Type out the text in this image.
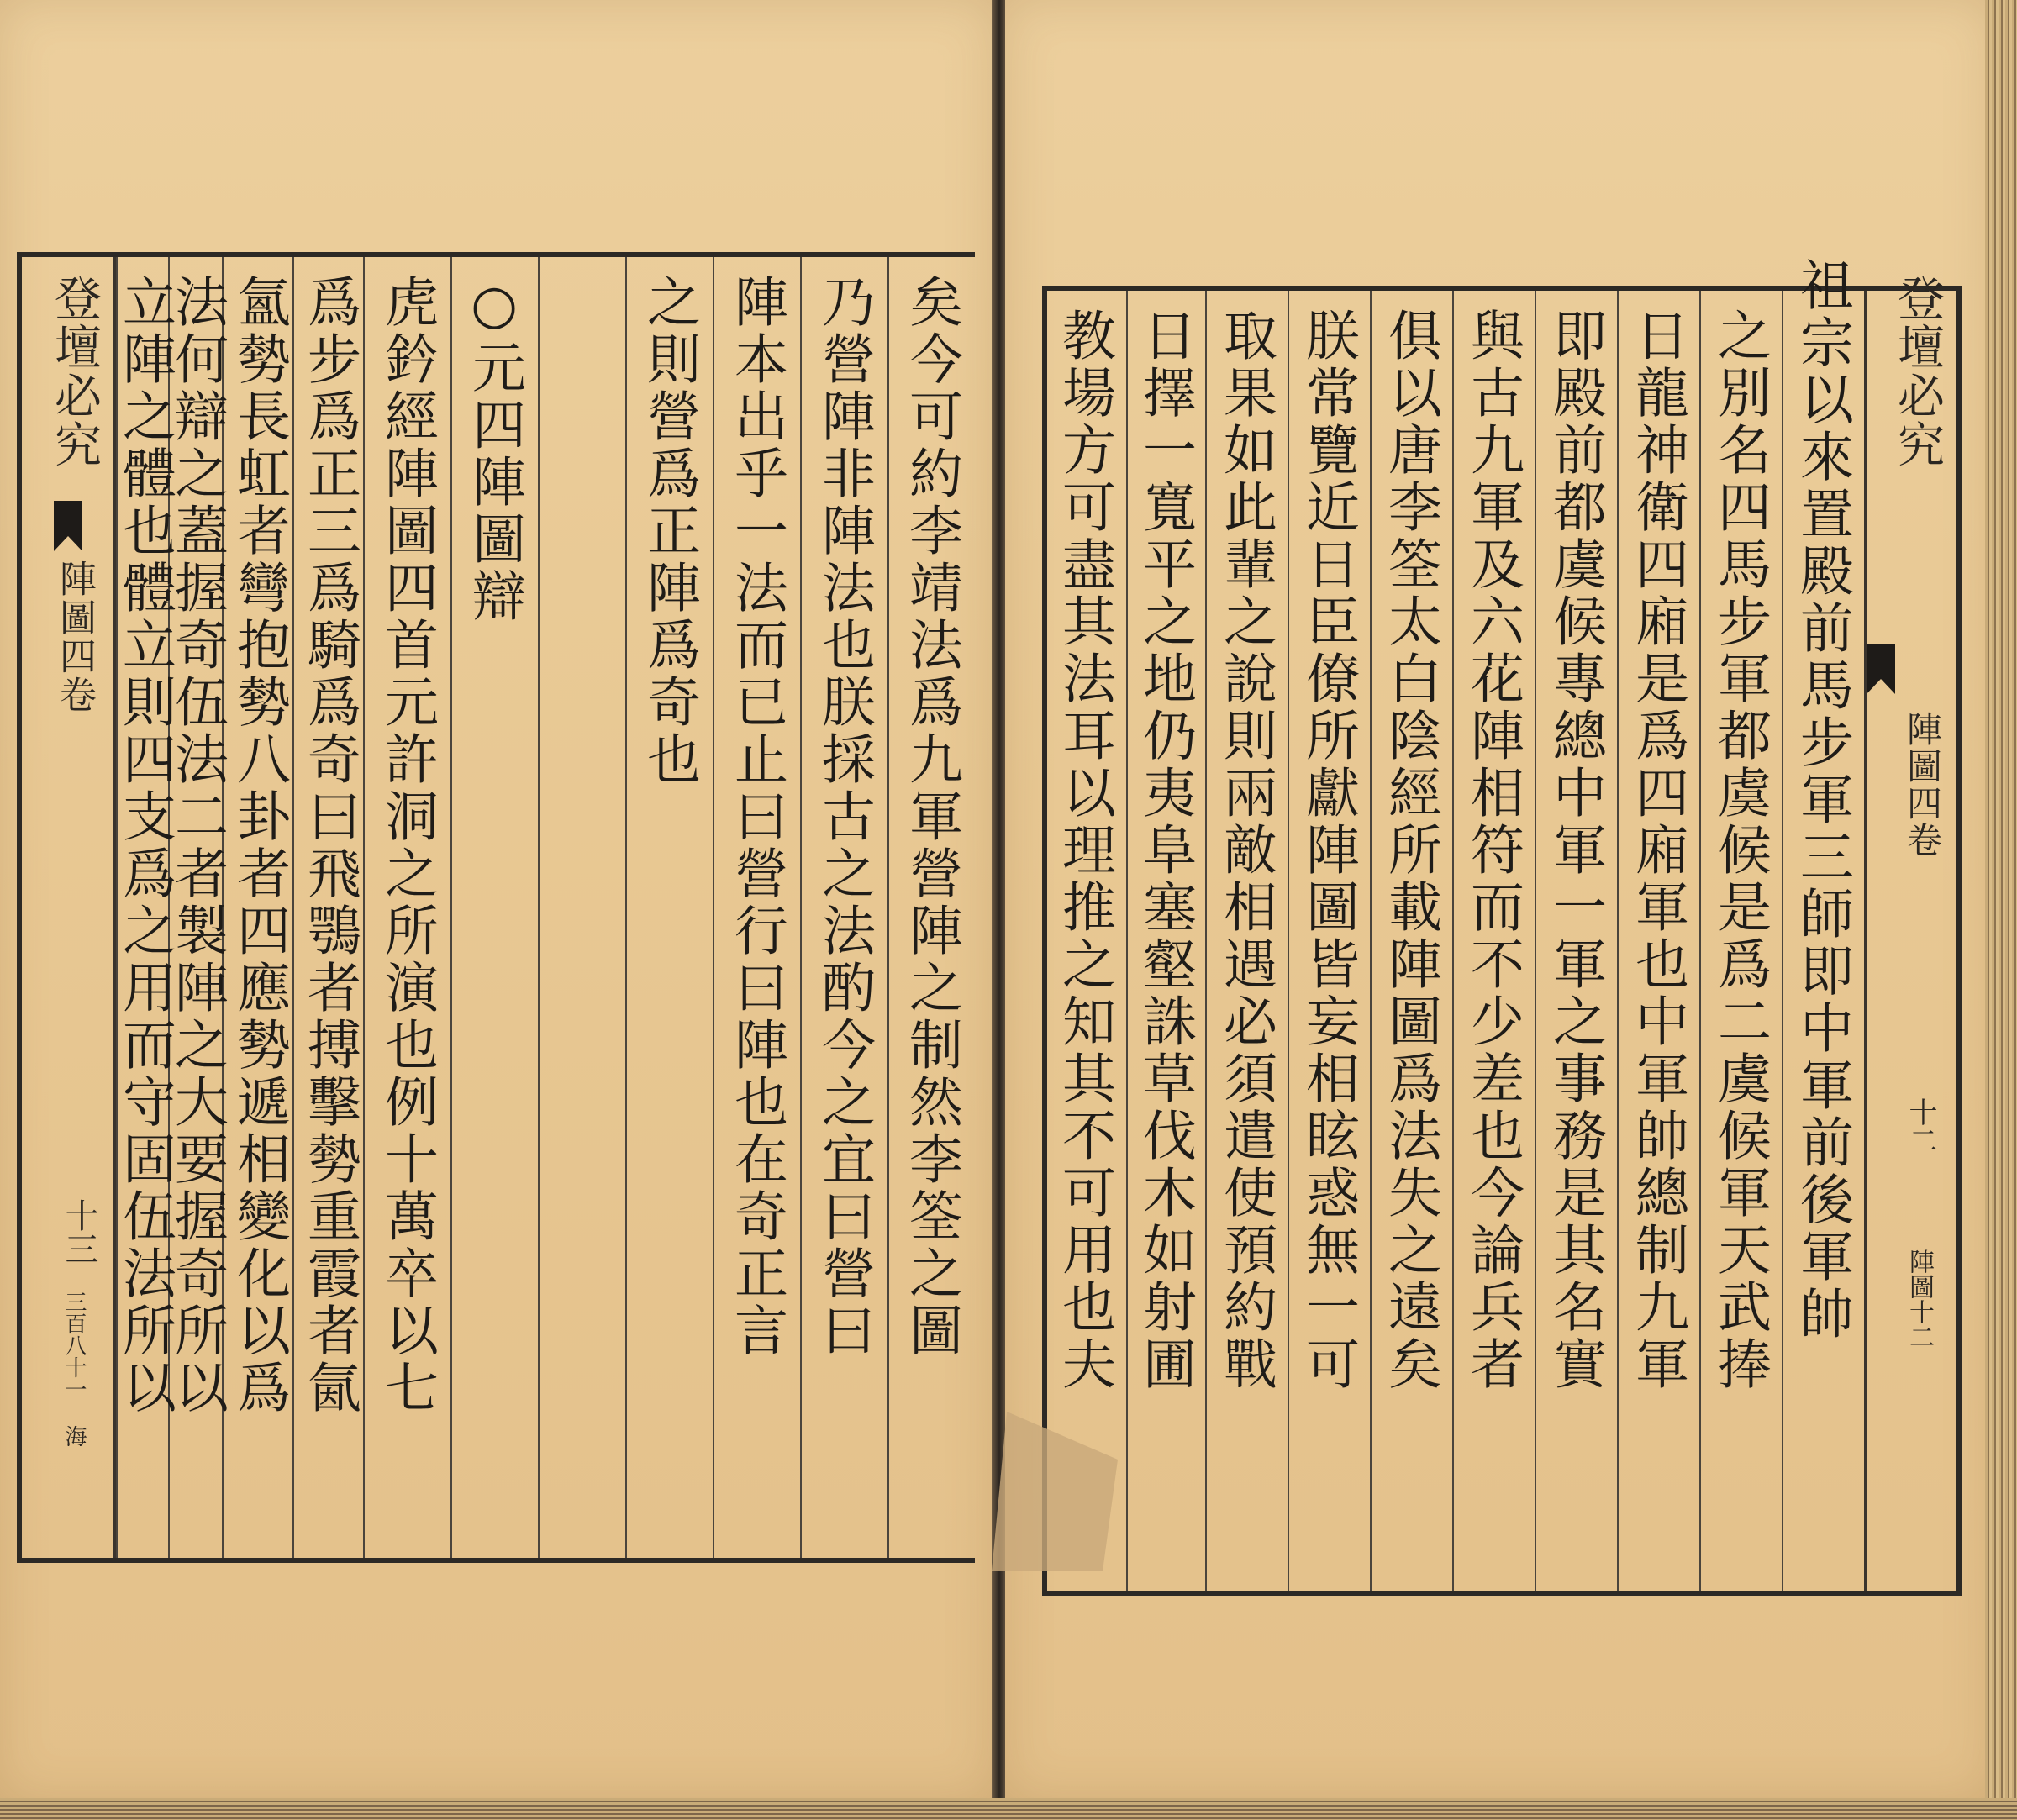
登壇必究
陣圖四卷
十三
三百八十一 海
矣今可約李靖法爲九軍營陣之制然李筌之圖
乃營陣非陣法也朕採古之法酌今之宜曰營曰
陣本出乎一法而已止曰營行曰陣也在奇正言
之則營爲正陣爲奇也
○元四陣圖辯
虎鈐經陣圖四首元許洞之所演也例十萬卒以七
爲步爲正三爲騎爲奇曰飛鶚者搏擊勢重霞者氤
氳勢長虹者彎抱勢八卦者四應勢遞相變化以爲
法何辯之蓋握奇伍法二者製陣之大要握奇所以
立陣之體也體立則四支爲之用而守固伍法所以	登壇必究
陣圖四卷
十二
陣圖十二
祖宗以來置殿前馬步軍三師即中軍前後軍帥
之別名四馬步軍都虞候是爲二虞候軍天武捧
日龍神衛四廂是爲四廂軍也中軍帥總制九軍
即殿前都虞候專總中軍一軍之事務是其名實
與古九軍及六花陣相符而不少差也今論兵者
俱以唐李筌太白陰經所載陣圖爲法失之遠矣
朕常覽近日臣僚所獻陣圖皆妄相眩惑無一可
取果如此輩之說則兩敵相遇必須遣使預約戰
日擇一寬平之地仍夷阜塞壑誅草伐木如射圃
教場方可盡其法耳以理推之知其不可用也夫
